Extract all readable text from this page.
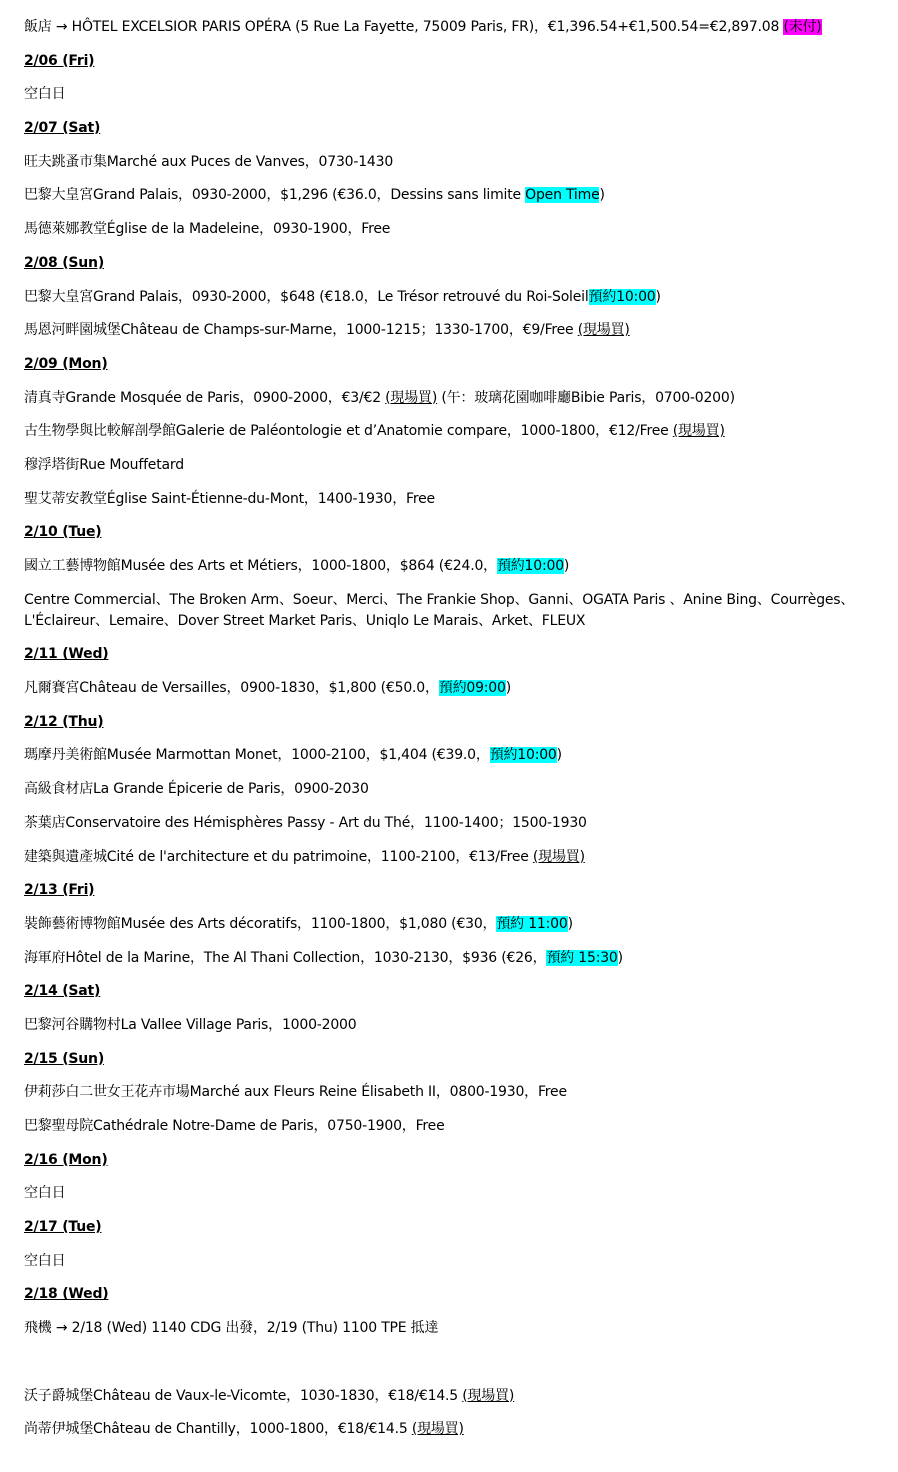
飯店 → HÔTEL EXCELSIOR PARIS OPÉRA (5 Rue La Fayette, 75009 Paris, FR)，€1,396.54+€1,500.54=€2,897.08 (未付)
2/06 (Fri)
空白日
2/07 (Sat)
旺夫跳蚤市集Marché aux Puces de Vanves，0730-1430
巴黎大皇宮Grand Palais，0930-2000，$1,296 (€36.0，Dessins sans limite Open Time)
馬德萊娜教堂Église de la Madeleine，0930-1900，Free
2/08 (Sun)
巴黎大皇宮Grand Palais，0930-2000，$648 (€18.0，Le Trésor retrouvé du Roi-Soleil預約10:00)
馬恩河畔園城堡Château de Champs-sur-Marne，1000-1215；1330-1700，€9/Free (現場買)
2/09 (Mon)
清真寺Grande Mosquée de Paris，0900-2000，€3/€2 (現場買) (午：玻璃花園咖啡廳Bibie Paris，0700-0200)
古生物學與比較解剖學館Galerie de Paléontologie et d’Anatomie compare，1000-1800，€12/Free (現場買)
穆浮塔街Rue Mouffetard
聖艾蒂安教堂Église Saint-Étienne-du-Mont，1400-1930，Free
2/10 (Tue)
國立工藝博物館Musée des Arts et Métiers，1000-1800，$864 (€24.0，預約10:00)
Centre Commercial、The Broken Arm、Soeur、Merci、The Frankie Shop、Ganni、OGATA Paris 、Anine Bing、Courrèges、L'Éclaireur、Lemaire、Dover Street Market Paris、Uniqlo Le Marais、Arket、FLEUX
2/11 (Wed)
凡爾賽宮Château de Versailles，0900-1830，$1,800 (€50.0，預約09:00)
2/12 (Thu)
瑪摩丹美術館Musée Marmottan Monet，1000-2100，$1,404 (€39.0，預約10:00)
高級食材店La Grande Épicerie de Paris，0900-2030
茶葉店Conservatoire des Hémisphères Passy - Art du Thé，1100-1400；1500-1930
建築與遺產城Cité de l'architecture et du patrimoine，1100-2100，€13/Free (現場買)
2/13 (Fri)
裝飾藝術博物館Musée des Arts décoratifs，1100-1800，$1,080 (€30，預約 11:00)
海軍府Hôtel de la Marine，The Al Thani Collection，1030-2130，$936 (€26，預約 15:30)
2/14 (Sat)
巴黎河谷購物村La Vallee Village Paris，1000-2000
2/15 (Sun)
伊莉莎白二世女王花卉市場Marché aux Fleurs Reine Élisabeth II，0800-1930，Free
巴黎聖母院Cathédrale Notre-Dame de Paris，0750-1900，Free
2/16 (Mon)
空白日
2/17 (Tue)
空白日
2/18 (Wed)
飛機 → 2/18 (Wed) 1140 CDG 出發，2/19 (Thu) 1100 TPE 抵達
沃子爵城堡Château de Vaux-le-Vicomte，1030-1830，€18/€14.5 (現場買)
尚蒂伊城堡Château de Chantilly，1000-1800，€18/€14.5 (現場買)
